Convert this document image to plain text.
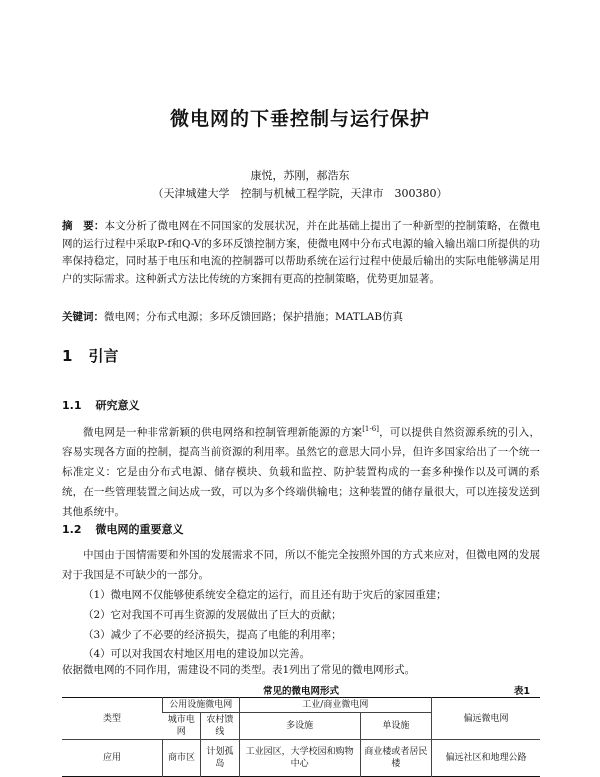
微电网的下垂控制与运行保护
康悦，苏刚，郝浩东
（天津城建大学　控制与机械工程学院，天津市　300380）
摘　要：本文分析了微电网在不同国家的发展状况，并在此基础上提出了一种新型的控制策略，在微电网的运行过程中采取P-f和Q-V的多环反馈控制方案，使微电网中分布式电源的输入输出端口所提供的功率保持稳定，同时基于电压和电流的控制器可以帮助系统在运行过程中使最后输出的实际电能够满足用户的实际需求。这种新式方法比传统的方案拥有更高的控制策略，优势更加显著。
关键词：微电网；分布式电源；多环反馈回路；保护措施；MATLAB仿真
1 引言
1.1 研究意义
微电网是一种非常新颖的供电网络和控制管理新能源的方案[1-6]，可以提供自然资源系统的引入，容易实现各方面的控制，提高当前资源的利用率。虽然它的意思大同小异，但许多国家给出了一个统一标准定义：它是由分布式电源、储存模块、负载和监控、防护装置构成的一套多种操作以及可调的系统，在一些管理装置之间达成一致，可以为多个终端供输电；这种装置的储存量很大，可以连接发送到其他系统中。
1.2 微电网的重要意义
中国由于国情需要和外国的发展需求不同，所以不能完全按照外国的方式来应对，但微电网的发展对于我国是不可缺少的一部分。
（1）微电网不仅能够使系统安全稳定的运行，而且还有助于灾后的家园重建；
（2）它对我国不可再生资源的发展做出了巨大的贡献；
（3）减少了不必要的经济损失，提高了电能的利用率；
（4）可以对我国农村地区用电的建设加以完善。
依据微电网的不同作用，需建设不同的类型。表1列出了常见的微电网形式。
常见的微电网形式	表1
类型	公用设施微电网		工业/商业微电网		偏远微电网
	城市电网	农村馈线	多设施	单设施	
应用	商市区	计划孤岛	工业园区，大学校园和购物中心	商业楼或者居民楼	偏远社区和地理公路
